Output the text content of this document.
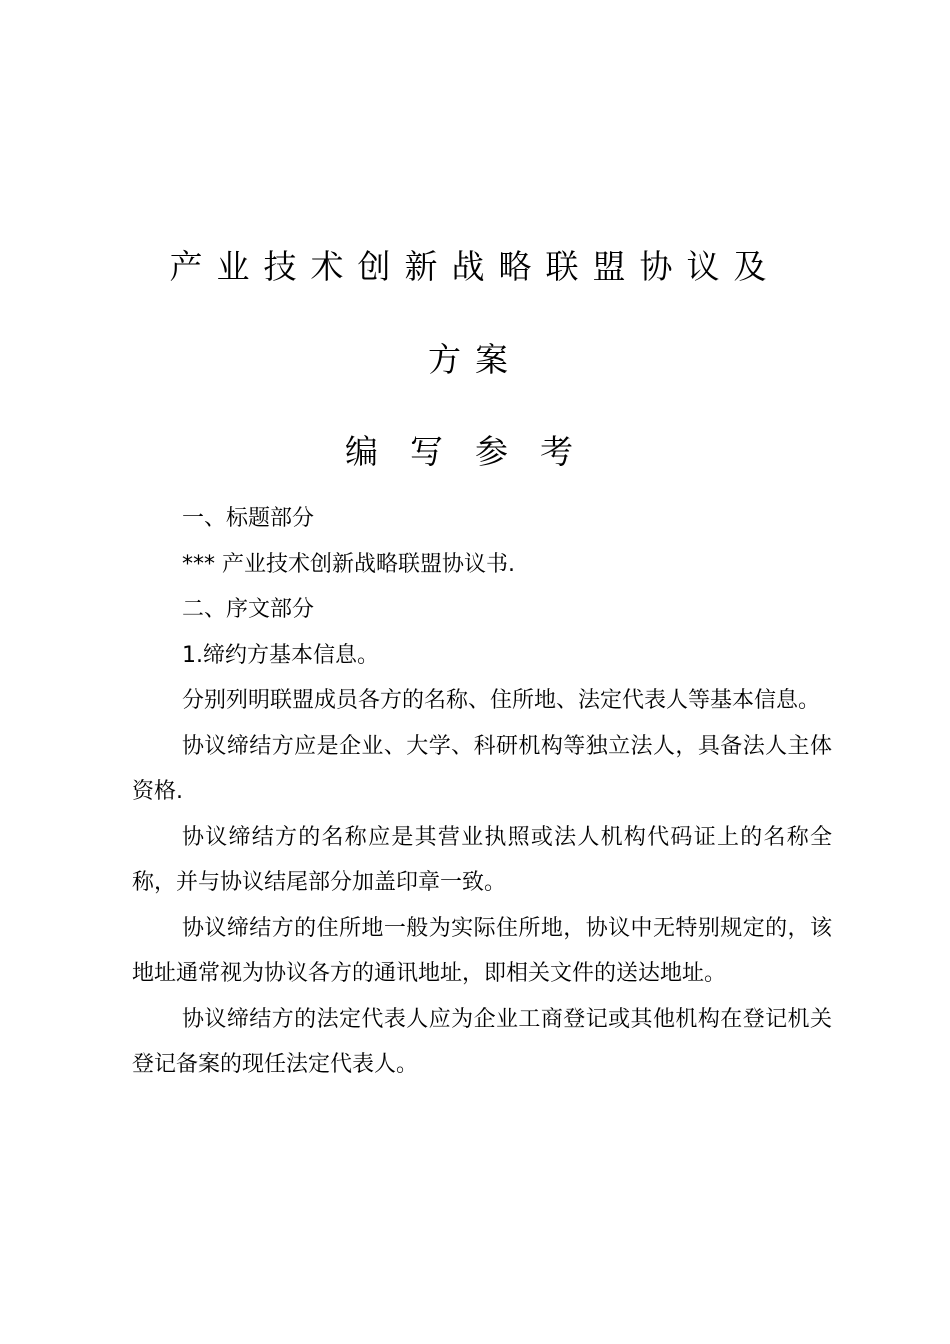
产业技术创新战略联盟协议及
方案
编写参考

一、标题部分

*** 产业技术创新战略联盟协议书.

二、序文部分

1.缔约方基本信息。

分别列明联盟成员各方的名称、住所地、法定代表人等基本信息。

协议缔结方应是企业、大学、科研机构等独立法人，具备法人主体资格.

协议缔结方的名称应是其营业执照或法人机构代码证上的名称全称，并与协议结尾部分加盖印章一致。

协议缔结方的住所地一般为实际住所地，协议中无特别规定的，该地址通常视为协议各方的通讯地址，即相关文件的送达地址。

协议缔结方的法定代表人应为企业工商登记或其他机构在登记机关登记备案的现任法定代表人。
